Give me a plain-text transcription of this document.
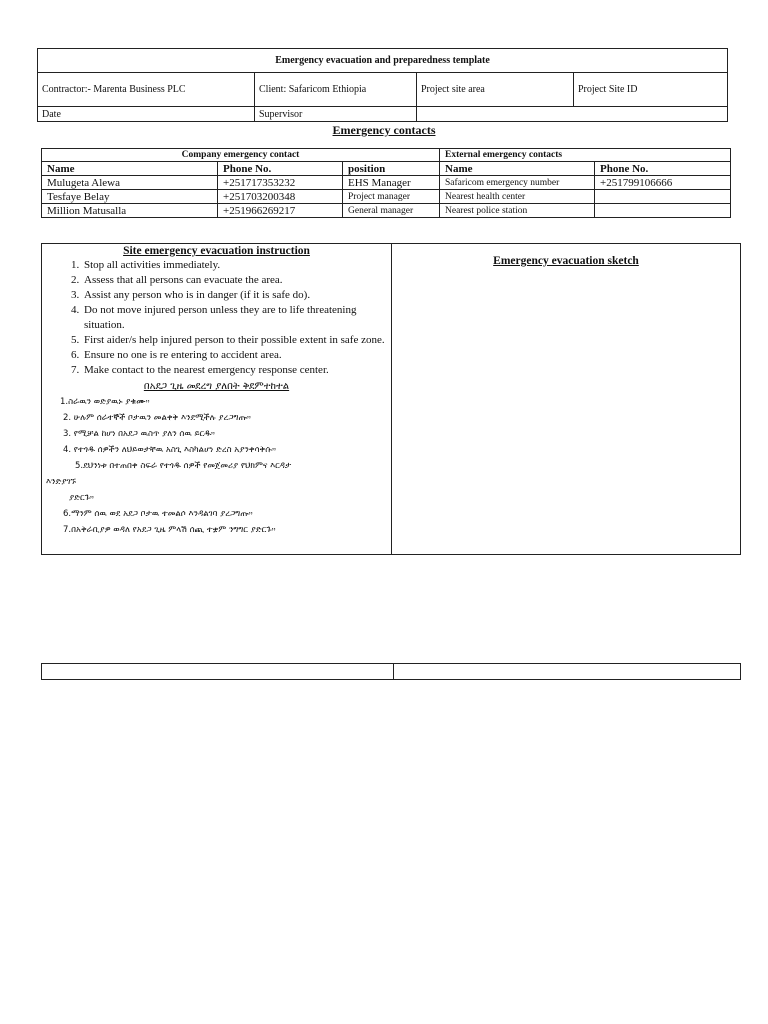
Emergency evacuation and preparedness template			
Contractor:- Marenta Business PLC	Client: Safaricom Ethiopia	Project site area	Project Site ID
Date	Supervisor		
Emergency contacts
Company emergency contact			External emergency contacts	
Name	Phone No.	position	Name	Phone No.
Mulugeta Alewa	+251717353232	EHS Manager	Safaricom emergency number	+251799106666
Tesfaye Belay	+251703200348	Project manager	Nearest health center	
Million Matusalla	+251966269217	General manager	Nearest police station	
Site emergency evacuation instruction
1. Stop all activities immediately.
2. Assess that all persons can evacuate the area.
3. Assist any person who is in danger (if it is safe do).
4. Do not move injured person unless they are to life threatening situation.
5. First aider/s help injured person to their possible extent in safe zone.
6. Ensure no one is re entering to accident area.
7. Make contact to the nearest emergency response center.
በአደጋ ጊዜ መደረግ ያለበት ቅደምተከተል
1.ስራዉን ወድያዉኑ ያቁሙ።
2. ሁሉም ሰራተኞች ቦታዉን መልቀቅ እንደሚችሉ ያረጋግጡ።
3. የሚቻል ከሆነ በአደጋ ዉስጥ ያለን ሰዉ ይርዱ።
4. የተጎዱ ሰዎችን ለህይወታቸዉ አስጊ እስካልሆነ ድረስ አያንቀሳቅሱ።
5.ደህንነቱ በተጠበቀ ስፍራ የተጎዱ ሰዎች የመጀመሪያ የህክምና እርዳታ
እንድያገኙ
ያድርጉ።
6.ማንም ሰዉ ወደ አደጋ ቦታዉ ተመልሶ እንዳልገባ ያረጋግጡ።
7.በአቅራቢያዎ ወዳለ የአደጋ ጊዜ ምላሽ ሰጪ ተቋም ንግግር ያድርጉ።

Emergency evacuation sketch
